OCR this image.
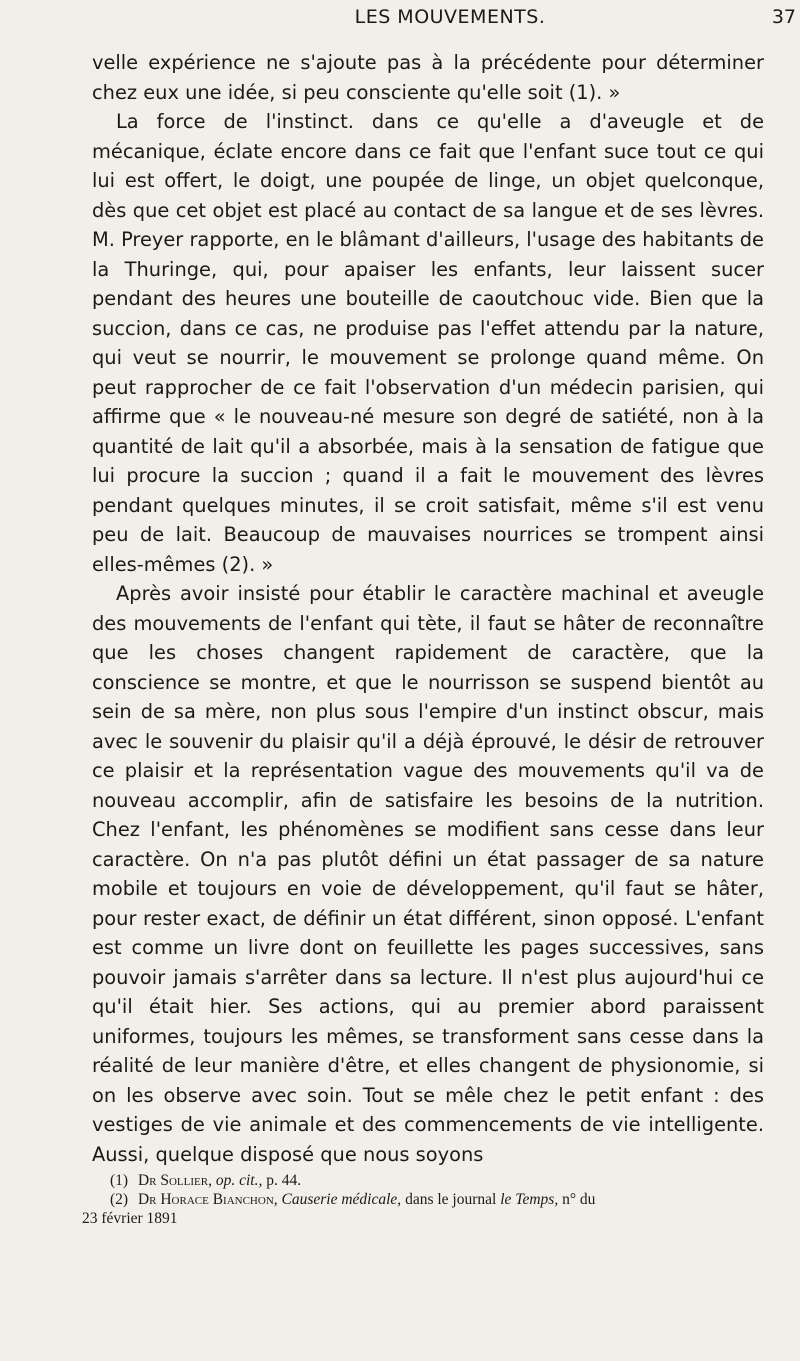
LES MOUVEMENTS.	37

velle expérience ne s'ajoute pas à la précédente pour déterminer chez eux une idée, si peu consciente qu'elle soit (1). »

La force de l'instinct. dans ce qu'elle a d'aveugle et de mécanique, éclate encore dans ce fait que l'enfant suce tout ce qui lui est offert, le doigt, une poupée de linge, un objet quelconque, dès que cet objet est placé au contact de sa langue et de ses lèvres. M. Preyer rapporte, en le blâmant d'ailleurs, l'usage des habitants de la Thuringe, qui, pour apaiser les enfants, leur laissent sucer pendant des heures une bouteille de caoutchouc vide. Bien que la succion, dans ce cas, ne produise pas l'effet attendu par la nature, qui veut se nourrir, le mouvement se prolonge quand même. On peut rapprocher de ce fait l'observation d'un médecin parisien, qui affirme que « le nouveau-né mesure son degré de satiété, non à la quantité de lait qu'il a absorbée, mais à la sensation de fatigue que lui procure la succion ; quand il a fait le mouvement des lèvres pendant quelques minutes, il se croit satisfait, même s'il est venu peu de lait. Beaucoup de mauvaises nourrices se trompent ainsi elles-mêmes (2). »

Après avoir insisté pour établir le caractère machinal et aveugle des mouvements de l'enfant qui tète, il faut se hâter de reconnaître que les choses changent rapidement de caractère, que la conscience se montre, et que le nourrisson se suspend bientôt au sein de sa mère, non plus sous l'empire d'un instinct obscur, mais avec le souvenir du plaisir qu'il a déjà éprouvé, le désir de retrouver ce plaisir et la représentation vague des mouvements qu'il va de nouveau accomplir, afin de satisfaire les besoins de la nutrition. Chez l'enfant, les phénomènes se modifient sans cesse dans leur caractère. On n'a pas plutôt défini un état passager de sa nature mobile et toujours en voie de développement, qu'il faut se hâter, pour rester exact, de définir un état différent, sinon opposé. L'enfant est comme un livre dont on feuillette les pages successives, sans pouvoir jamais s'arrêter dans sa lecture. Il n'est plus aujourd'hui ce qu'il était hier. Ses actions, qui au premier abord paraissent uniformes, toujours les mêmes, se transforment sans cesse dans la réalité de leur manière d'être, et elles changent de physionomie, si on les observe avec soin. Tout se mêle chez le petit enfant : des vestiges de vie animale et des commencements de vie intelligente. Aussi, quelque disposé que nous soyons

(1) Dr Sollier, op. cit., p. 44.

(2) Dr Horace Bianchon, Causerie médicale, dans le journal le Temps, n° du
23 février 1891
